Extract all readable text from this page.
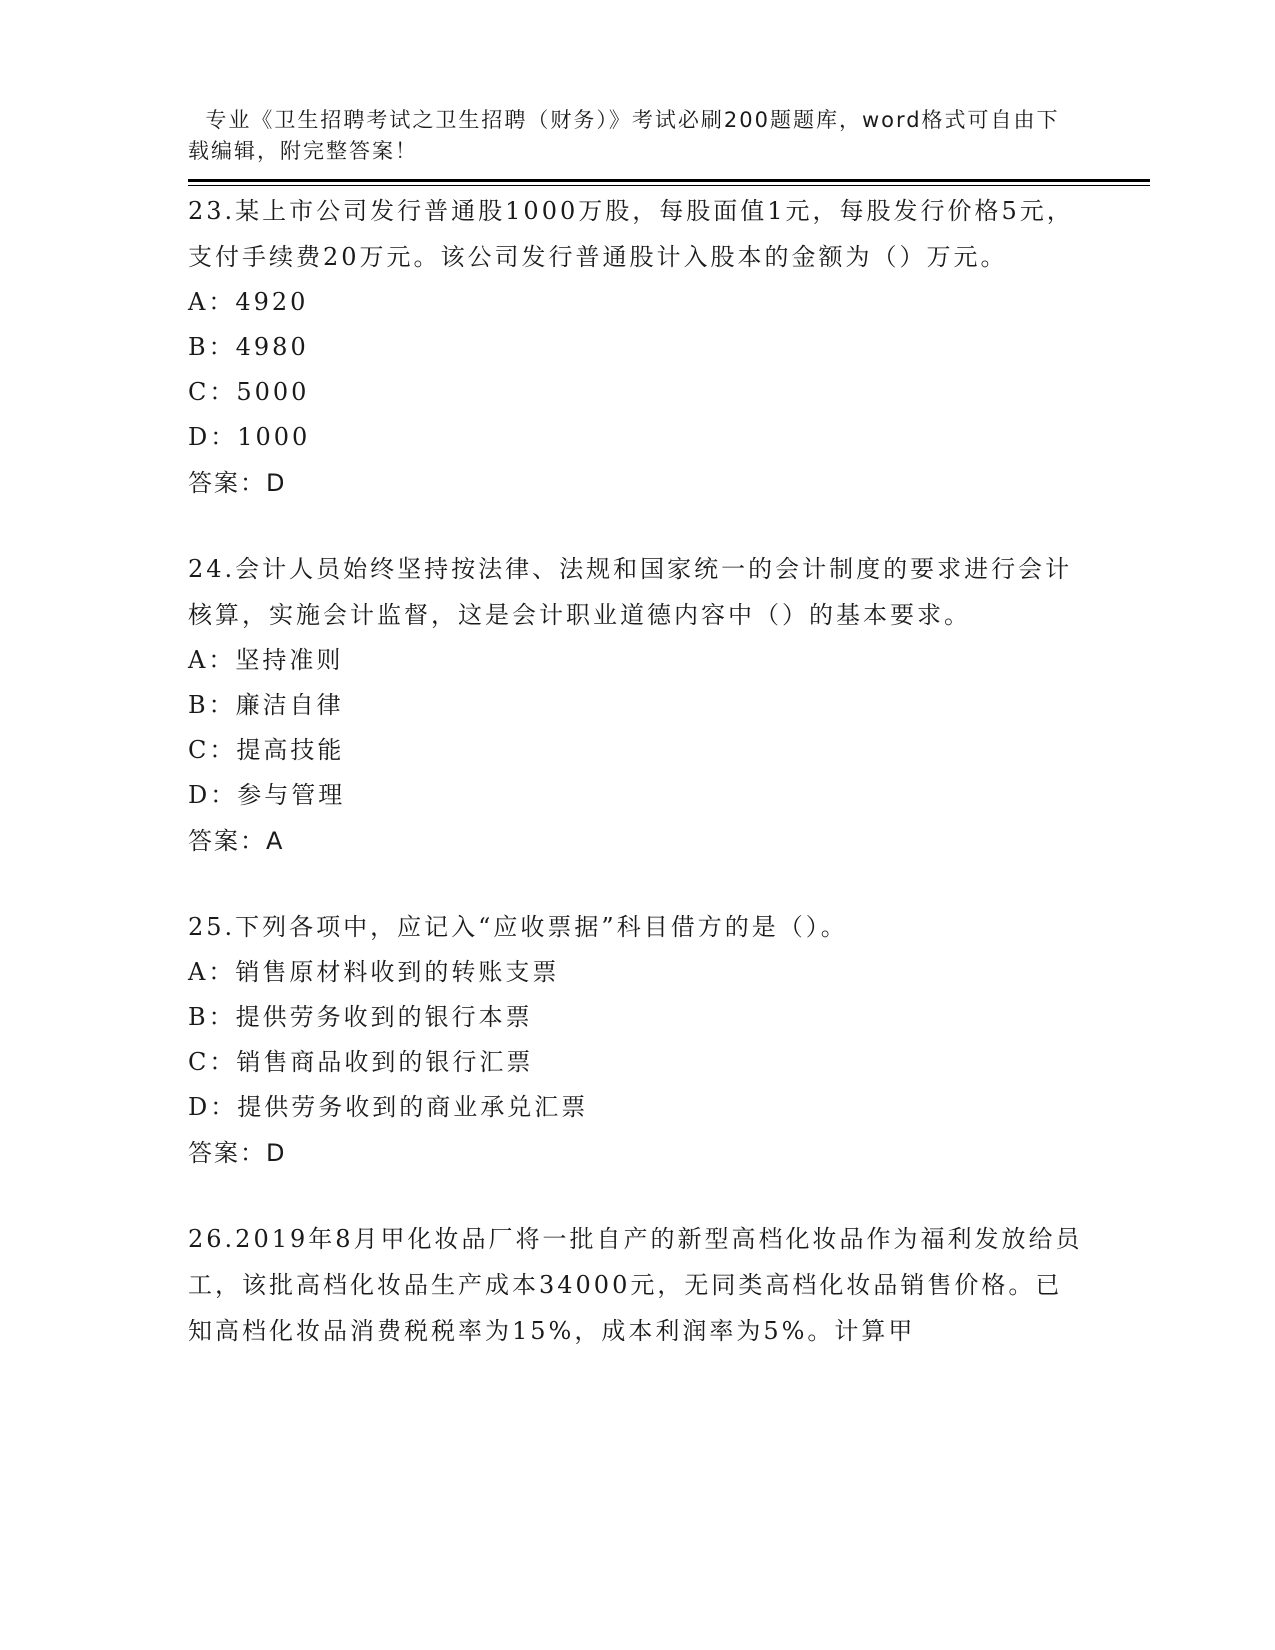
专业《卫生招聘考试之卫生招聘（财务）》考试必刷200题题库，word格式可自由下载编辑，附完整答案！

23.某上市公司发行普通股1000万股，每股面值1元，每股发行价格5元，支付手续费20万元。该公司发行普通股计入股本的金额为（）万元。
A：4920
B：4980
C：5000
D：1000
答案：D
24.会计人员始终坚持按法律、法规和国家统一的会计制度的要求进行会计核算，实施会计监督，这是会计职业道德内容中（）的基本要求。
A：坚持准则
B：廉洁自律
C：提高技能
D：参与管理
答案：A
25.下列各项中，应记入“应收票据”科目借方的是（）。
A：销售原材料收到的转账支票
B：提供劳务收到的银行本票
C：销售商品收到的银行汇票
D：提供劳务收到的商业承兑汇票
答案：D
26.2019年8月甲化妆品厂将一批自产的新型高档化妆品作为福利发放给员工，该批高档化妆品生产成本34000元，无同类高档化妆品销售价格。已知高档化妆品消费税税率为15%，成本利润率为5%。计算甲
